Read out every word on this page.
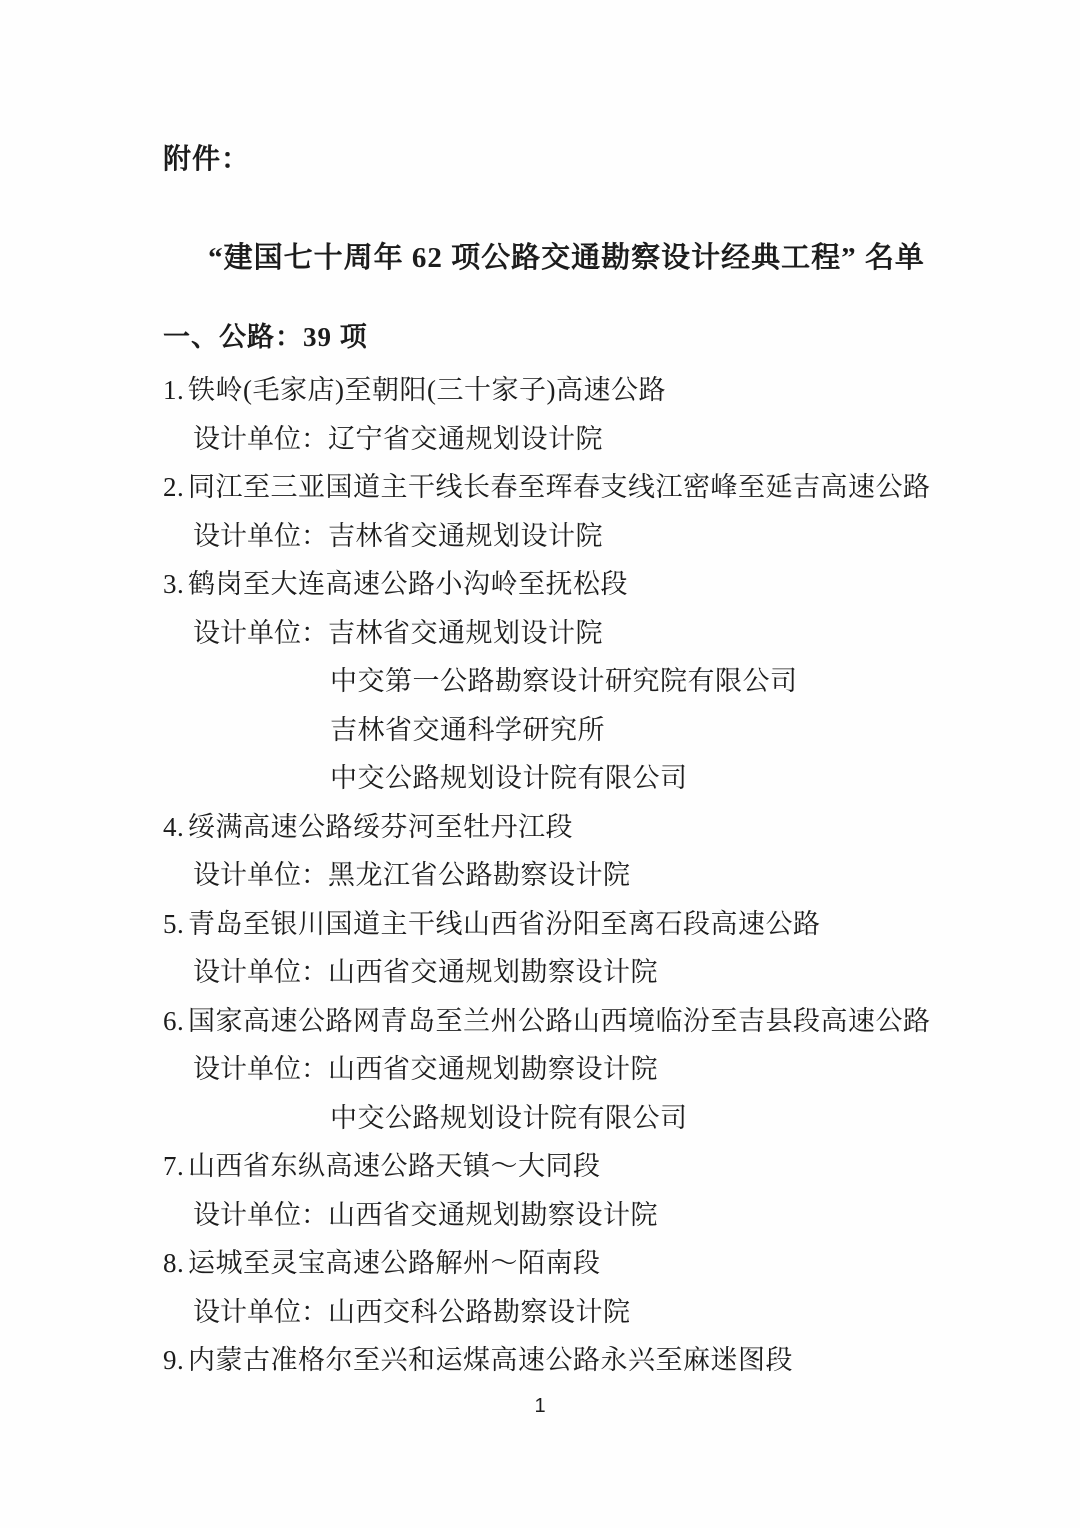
附件：
“建国七十周年 62 项公路交通勘察设计经典工程” 名单
一、公路：39 项
1. 铁岭(毛家店)至朝阳(三十家子)高速公路
设计单位：辽宁省交通规划设计院
2. 同江至三亚国道主干线长春至珲春支线江密峰至延吉高速公路
设计单位：吉林省交通规划设计院
3. 鹤岗至大连高速公路小沟岭至抚松段
设计单位：吉林省交通规划设计院
中交第一公路勘察设计研究院有限公司
吉林省交通科学研究所
中交公路规划设计院有限公司
4. 绥满高速公路绥芬河至牡丹江段
设计单位：黑龙江省公路勘察设计院
5. 青岛至银川国道主干线山西省汾阳至离石段高速公路
设计单位：山西省交通规划勘察设计院
6. 国家高速公路网青岛至兰州公路山西境临汾至吉县段高速公路
设计单位：山西省交通规划勘察设计院
中交公路规划设计院有限公司
7. 山西省东纵高速公路天镇～大同段
设计单位：山西省交通规划勘察设计院
8. 运城至灵宝高速公路解州～陌南段
设计单位：山西交科公路勘察设计院
9. 内蒙古准格尔至兴和运煤高速公路永兴至麻迷图段
1
